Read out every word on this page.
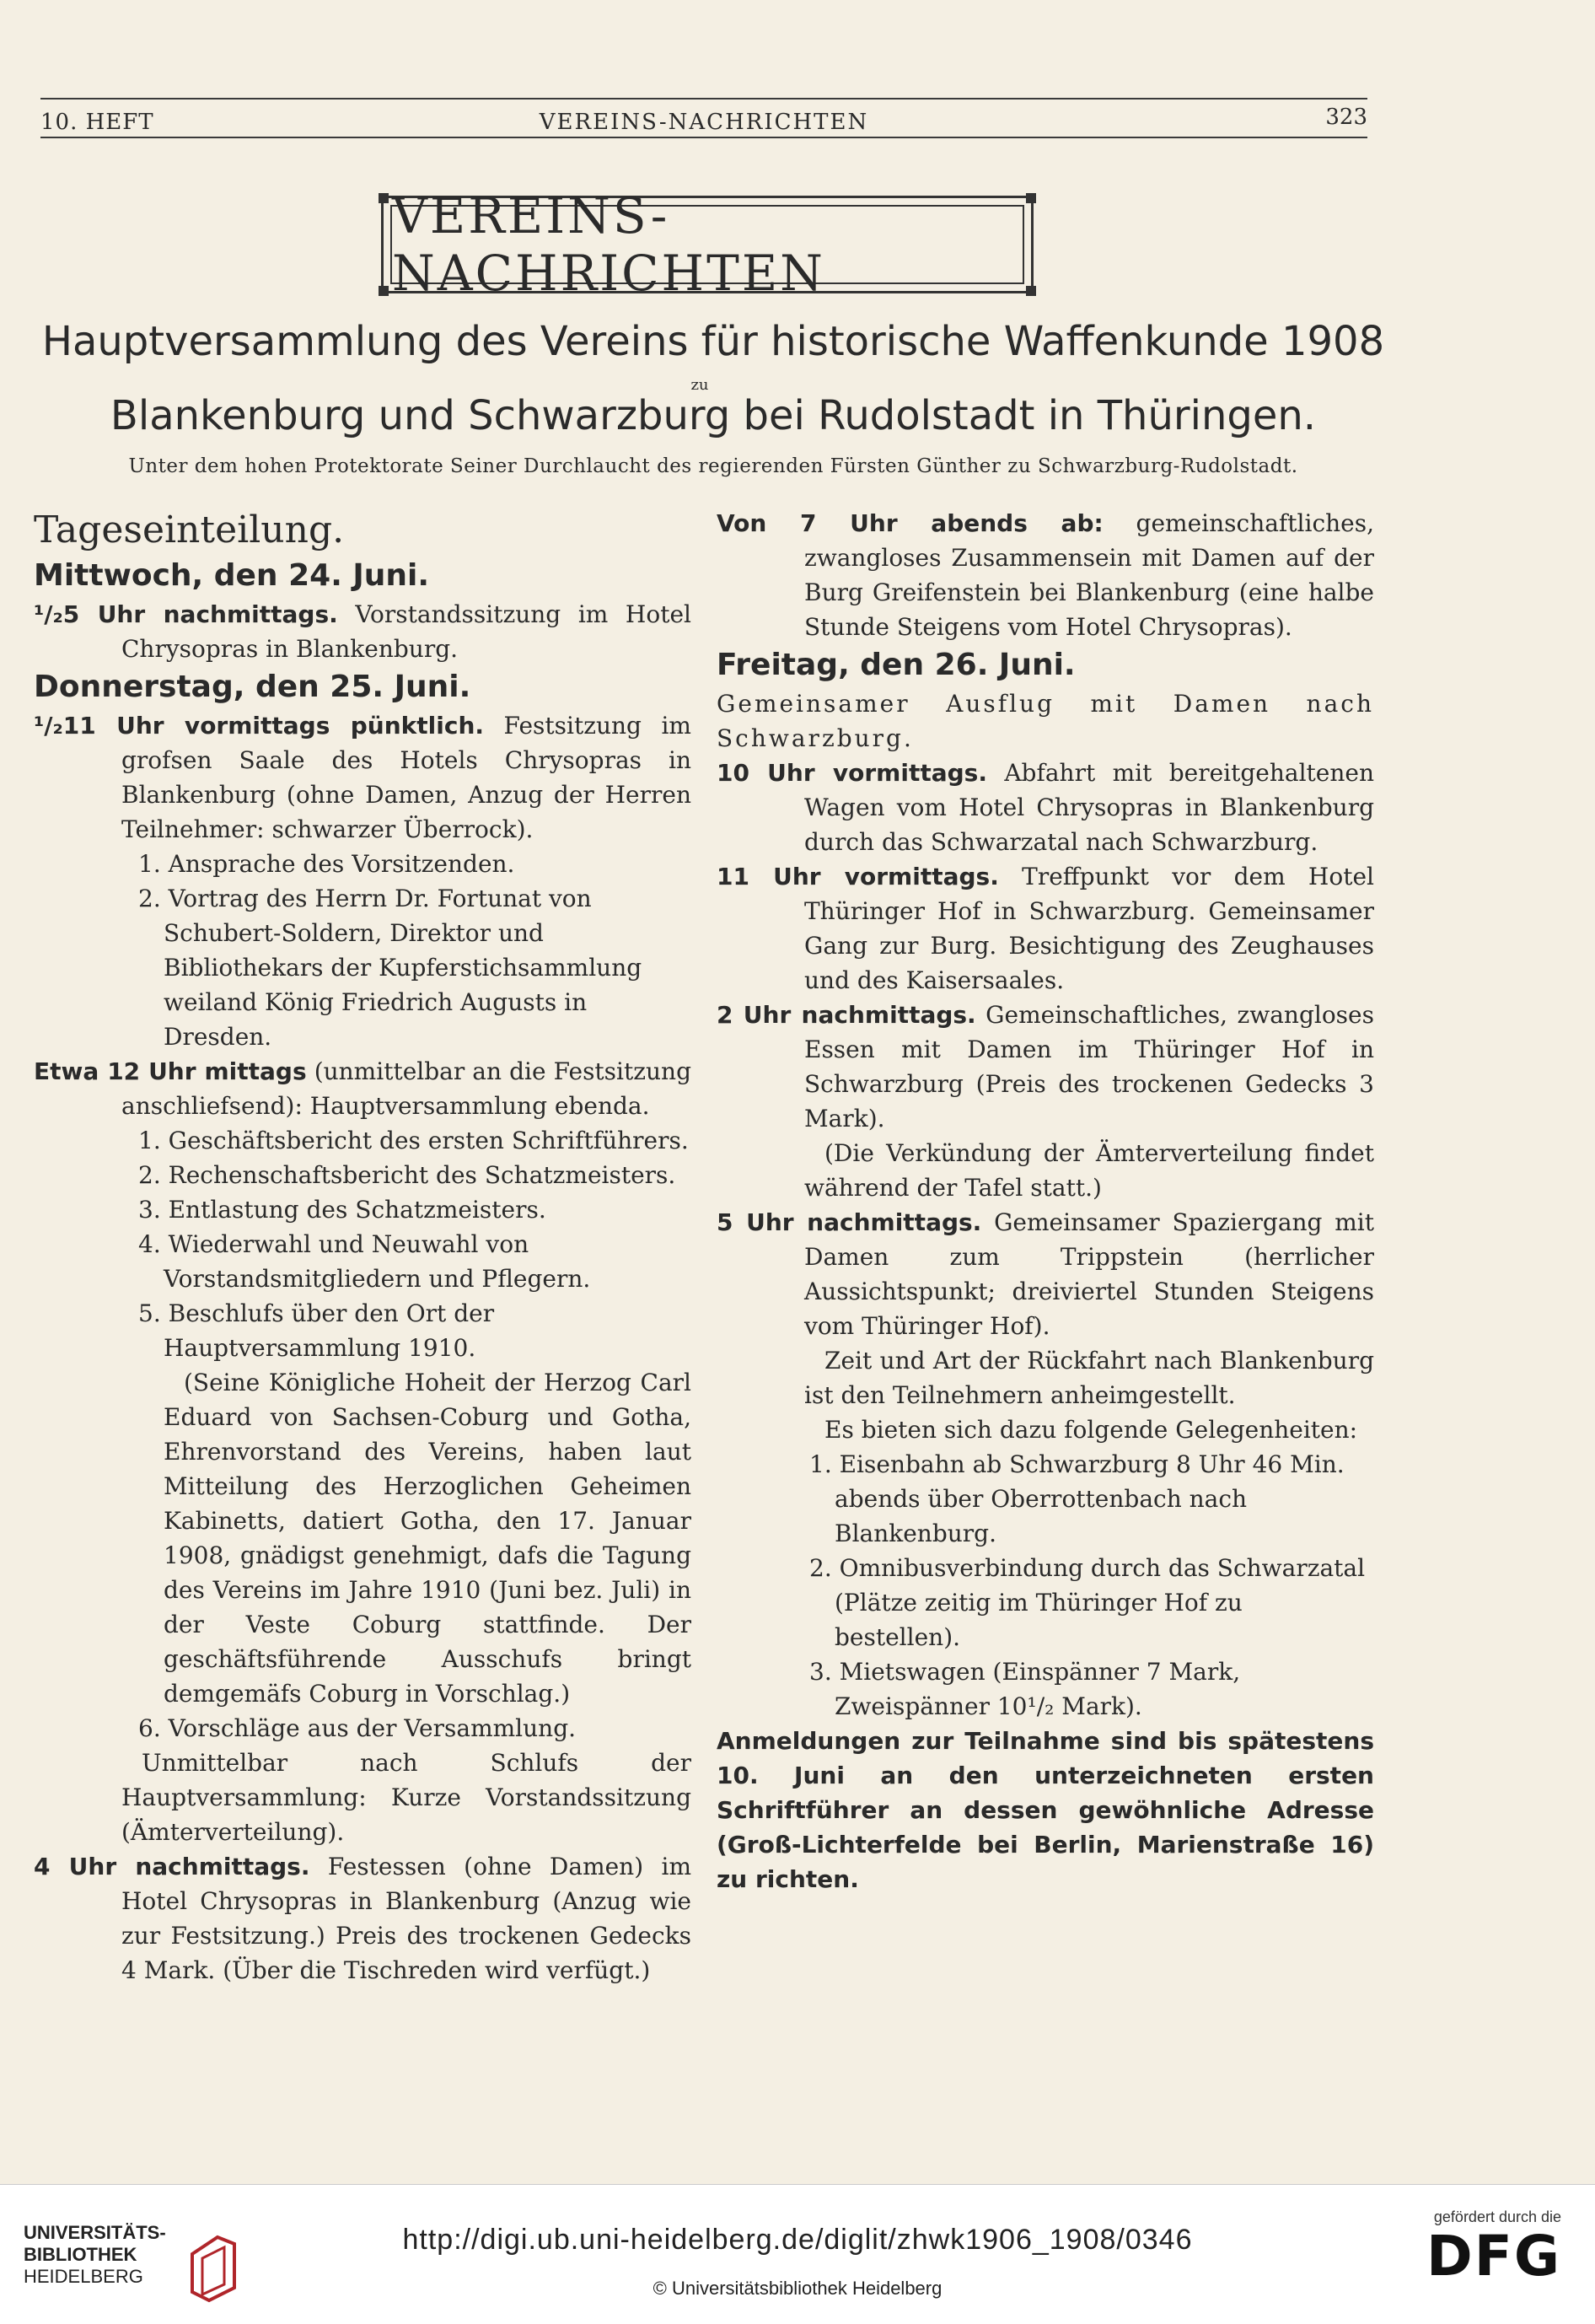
10. HEFT	VEREINS-NACHRICHTEN	323
VEREINS-NACHRICHTEN
Hauptversammlung des Vereins für historische Waffenkunde 1908
zu
Blankenburg und Schwarzburg bei Rudolstadt in Thüringen.
Unter dem hohen Protektorate Seiner Durchlaucht des regierenden Fürsten Günther zu Schwarzburg-Rudolstadt.

Tageseinteilung.

Mittwoch, den 24. Juni.

¹/₂5 Uhr nachmittags. Vorstandssitzung im Hotel Chrysopras in Blankenburg.

Donnerstag, den 25. Juni.

¹/₂11 Uhr vormittags pünktlich. Festsitzung im grofsen Saale des Hotels Chrysopras in Blankenburg (ohne Damen, Anzug der Herren Teilnehmer: schwarzer Überrock).

1. Ansprache des Vorsitzenden.
2. Vortrag des Herrn Dr. Fortunat von Schubert-Soldern, Direktor und Bibliothekars der Kupferstichsammlung weiland König Friedrich Augusts in Dresden.

Etwa 12 Uhr mittags (unmittelbar an die Festsitzung anschliefsend): Hauptversammlung ebenda.

1. Geschäftsbericht des ersten Schriftführers.
2. Rechenschaftsbericht des Schatzmeisters.
3. Entlastung des Schatzmeisters.
4. Wiederwahl und Neuwahl von Vorstandsmitgliedern und Pflegern.
5. Beschlufs über den Ort der Hauptversammlung 1910.

(Seine Königliche Hoheit der Herzog Carl Eduard von Sachsen-Coburg und Gotha, Ehrenvorstand des Vereins, haben laut Mitteilung des Herzoglichen Geheimen Kabinetts, datiert Gotha, den 17. Januar 1908, gnädigst genehmigt, dafs die Tagung des Vereins im Jahre 1910 (Juni bez. Juli) in der Veste Coburg stattfinde. Der geschäftsführende Ausschufs bringt demgemäfs Coburg in Vorschlag.)

6. Vorschläge aus der Versammlung.

Unmittelbar nach Schlufs der Hauptversammlung: Kurze Vorstandssitzung (Ämterverteilung).

4 Uhr nachmittags. Festessen (ohne Damen) im Hotel Chrysopras in Blankenburg (Anzug wie zur Festsitzung.) Preis des trockenen Gedecks 4 Mark. (Über die Tischreden wird verfügt.)

Von 7 Uhr abends ab: gemeinschaftliches, zwangloses Zusammensein mit Damen auf der Burg Greifenstein bei Blankenburg (eine halbe Stunde Steigens vom Hotel Chrysopras).

Freitag, den 26. Juni.

Gemeinsamer Ausflug mit Damen nach Schwarzburg.

10 Uhr vormittags. Abfahrt mit bereitgehaltenen Wagen vom Hotel Chrysopras in Blankenburg durch das Schwarzatal nach Schwarzburg.

11 Uhr vormittags. Treffpunkt vor dem Hotel Thüringer Hof in Schwarzburg. Gemeinsamer Gang zur Burg. Besichtigung des Zeughauses und des Kaisersaales.

2 Uhr nachmittags. Gemeinschaftliches, zwangloses Essen mit Damen im Thüringer Hof in Schwarzburg (Preis des trockenen Gedecks 3 Mark).

(Die Verkündung der Ämterverteilung findet während der Tafel statt.)

5 Uhr nachmittags. Gemeinsamer Spaziergang mit Damen zum Trippstein (herrlicher Aussichtspunkt; dreiviertel Stunden Steigens vom Thüringer Hof).

Zeit und Art der Rückfahrt nach Blankenburg ist den Teilnehmern anheimgestellt.

Es bieten sich dazu folgende Gelegenheiten:

1. Eisenbahn ab Schwarzburg 8 Uhr 46 Min. abends über Oberrottenbach nach Blankenburg.
2. Omnibusverbindung durch das Schwarzatal (Plätze zeitig im Thüringer Hof zu bestellen).
3. Mietswagen (Einspänner 7 Mark, Zweispänner 10¹/₂ Mark).

Anmeldungen zur Teilnahme sind bis spätestens 10. Juni an den unterzeichneten ersten Schriftführer an dessen gewöhnliche Adresse (Groß-Lichterfelde bei Berlin, Marienstraße 16) zu richten.

UNIVERSITÄTS-
BIBLIOTHEK
HEIDELBERG
http://digi.ub.uni-heidelberg.de/diglit/zhwk1906_1908/0346
© Universitätsbibliothek Heidelberg
gefördert durch die
DFG
